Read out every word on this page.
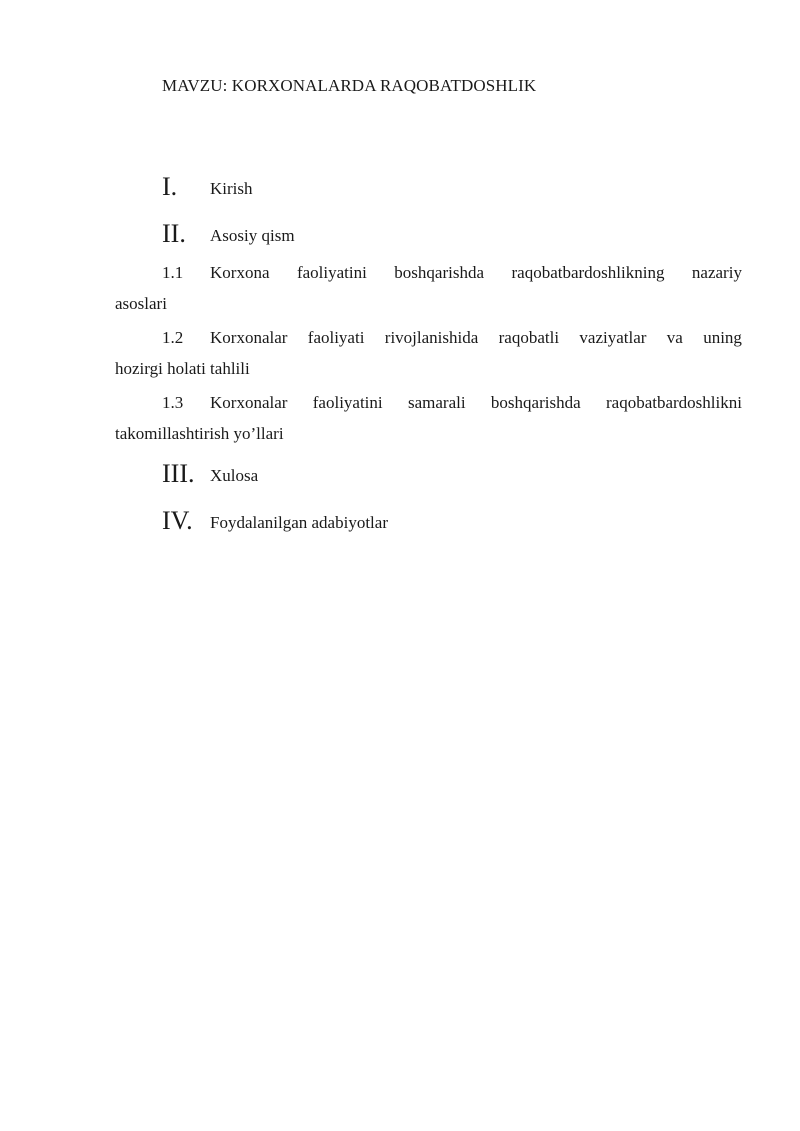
MAVZU: KORXONALARDA RAQOBATDOSHLIK
I. Kirish
II. Asosiy qism
1.1	Korxona faoliyatini boshqarishda raqobatbardoshlikning nazariy
asoslari
1.2	Korxonalar faoliyati rivojlanishida raqobatli vaziyatlar va uning
hozirgi holati tahlili
1.3	Korxonalar faoliyatini samarali boshqarishda raqobatbardoshlikni
takomillashtirish yo’llari
III. Xulosa
IV. Foydalanilgan adabiyotlar
